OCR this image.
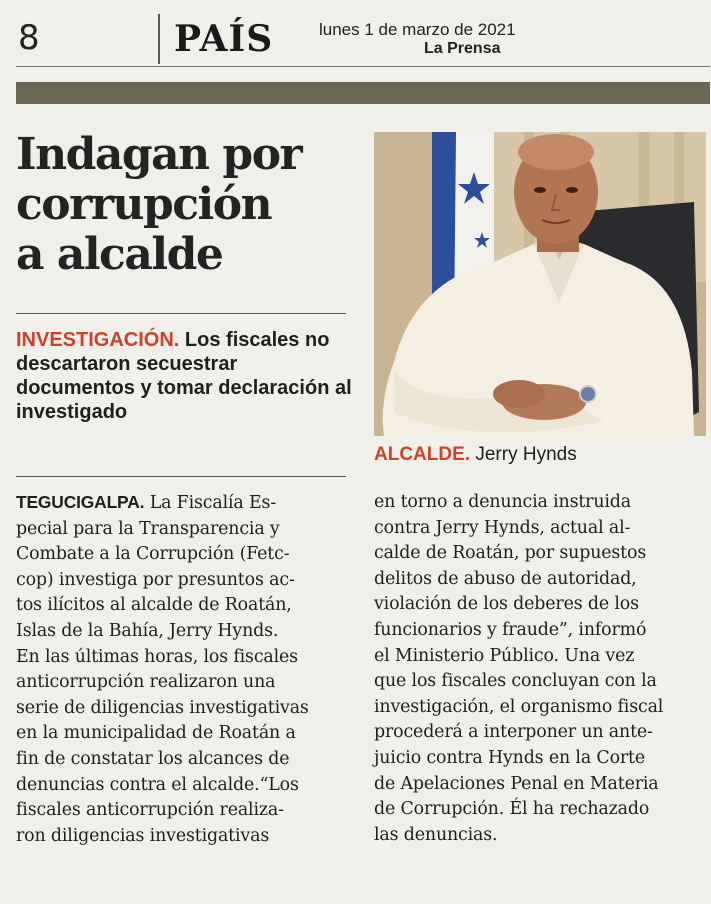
8	PAÍS	lunes 1 de marzo de 2021
La Prensa
Indagan por
corrupción
a alcalde

INVESTIGACIÓN. Los fiscales no descartaron secuestrar documentos y tomar declaración al investigado

ALCALDE. Jerry Hynds

TEGUCIGALPA. La Fiscalía Es-
pecial para la Transparencia y
Combate a la Corrupción (Fetc-
cop) investiga por presuntos ac-
tos ilícitos al alcalde de Roatán,
Islas de la Bahía, Jerry Hynds.
En las últimas horas, los fiscales
anticorrupción realizaron una
serie de diligencias investigativas
en la municipalidad de Roatán a
fin de constatar los alcances de
denuncias contra el alcalde.“Los
fiscales anticorrupción realiza-
ron diligencias investigativas

en torno a denuncia instruida
contra Jerry Hynds, actual al-
calde de Roatán, por supuestos
delitos de abuso de autoridad,
violación de los deberes de los
funcionarios y fraude”, informó
el Ministerio Público. Una vez
que los fiscales concluyan con la
investigación, el organismo fiscal
procederá a interponer un ante-
juicio contra Hynds en la Corte
de Apelaciones Penal en Materia
de Corrupción. Él ha rechazado
las denuncias.
